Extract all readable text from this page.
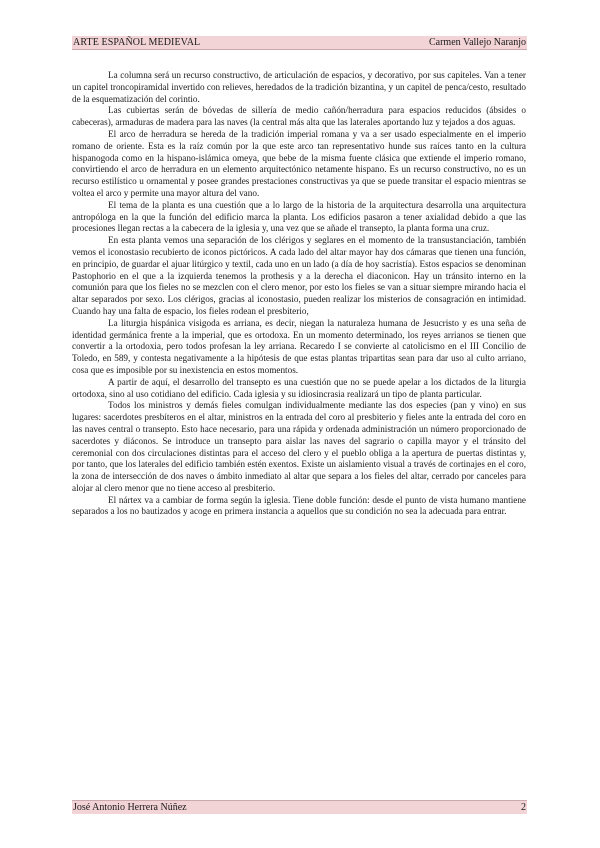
ARTE ESPAÑOL MEDIEVAL	Carmen Vallejo Naranjo

La columna será un recurso constructivo, de articulación de espacios, y decorativo, por sus capiteles. Van a tener un capitel troncopiramidal invertido con relieves, heredados de la tradición bizantina, y un capitel de penca/cesto, resultado de la esquematización del corintio.

Las cubiertas serán de bóvedas de sillería de medio cañón/herradura para espacios reducidos (ábsides o cabeceras), armaduras de madera para las naves (la central más alta que las laterales aportando luz y tejados a dos aguas.

El arco de herradura se hereda de la tradición imperial romana y va a ser usado especialmente en el imperio romano de oriente. Esta es la raíz común por la que este arco tan representativo hunde sus raíces tanto en la cultura hispanogoda como en la hispano-islámica omeya, que bebe de la misma fuente clásica que extiende el imperio romano, convirtiendo el arco de herradura en un elemento arquitectónico netamente hispano. Es un recurso constructivo, no es un recurso estilístico u ornamental y posee grandes prestaciones constructivas ya que se puede transitar el espacio mientras se voltea el arco y permite una mayor altura del vano.

El tema de la planta es una cuestión que a lo largo de la historia de la arquitectura desarrolla una arquitectura antropóloga en la que la función del edificio marca la planta. Los edificios pasaron a tener axialidad debido a que las procesiones llegan rectas a la cabecera de la iglesia y, una vez que se añade el transepto, la planta forma una cruz.

En esta planta vemos una separación de los clérigos y seglares en el momento de la transustanciación, también vemos el iconostasio recubierto de iconos pictóricos. A cada lado del altar mayor hay dos cámaras que tienen una función, en principio, de guardar el ajuar litúrgico y textil, cada uno en un lado (a día de hoy sacristía). Estos espacios se denominan Pastophorio en el que a la izquierda tenemos la prothesis y a la derecha el diaconicon. Hay un tránsito interno en la comunión para que los fieles no se mezclen con el clero menor, por esto los fieles se van a situar siempre mirando hacia el altar separados por sexo. Los clérigos, gracias al iconostasio, pueden realizar los misterios de consagración en intimidad. Cuando hay una falta de espacio, los fieles rodean el presbiterio,

La liturgia hispánica visigoda es arriana, es decir, niegan la naturaleza humana de Jesucristo y es una seña de identidad germánica frente a la imperial, que es ortodoxa. En un momento determinado, los reyes arrianos se tienen que convertir a la ortodoxia, pero todos profesan la ley arriana. Recaredo I se convierte al catolicismo en el III Concilio de Toledo, en 589, y contesta negativamente a la hipótesis de que estas plantas tripartitas sean para dar uso al culto arriano, cosa que es imposible por su inexistencia en estos momentos.

A partir de aquí, el desarrollo del transepto es una cuestión que no se puede apelar a los dictados de la liturgia ortodoxa, sino al uso cotidiano del edificio. Cada iglesia y su idiosincrasia realizará un tipo de planta particular.

Todos los ministros y demás fieles comulgan individualmente mediante las dos especies (pan y vino) en sus lugares: sacerdotes presbíteros en el altar, ministros en la entrada del coro al presbiterio y fieles ante la entrada del coro en las naves central o transepto. Esto hace necesario, para una rápida y ordenada administración un número proporcionado de sacerdotes y diáconos. Se introduce un transepto para aislar las naves del sagrario o capilla mayor y el tránsito del ceremonial con dos circulaciones distintas para el acceso del clero y el pueblo obliga a la apertura de puertas distintas y, por tanto, que los laterales del edificio también estén exentos. Existe un aislamiento visual a través de cortinajes en el coro, la zona de intersección de dos naves o ámbito inmediato al altar que separa a los fieles del altar, cerrado por canceles para alojar al clero menor que no tiene acceso al presbiterio.

El nártex va a cambiar de forma según la iglesia. Tiene doble función: desde el punto de vista humano mantiene separados a los no bautizados y acoge en primera instancia a aquellos que su condición no sea la adecuada para entrar.

José Antonio Herrera Núñez	2
